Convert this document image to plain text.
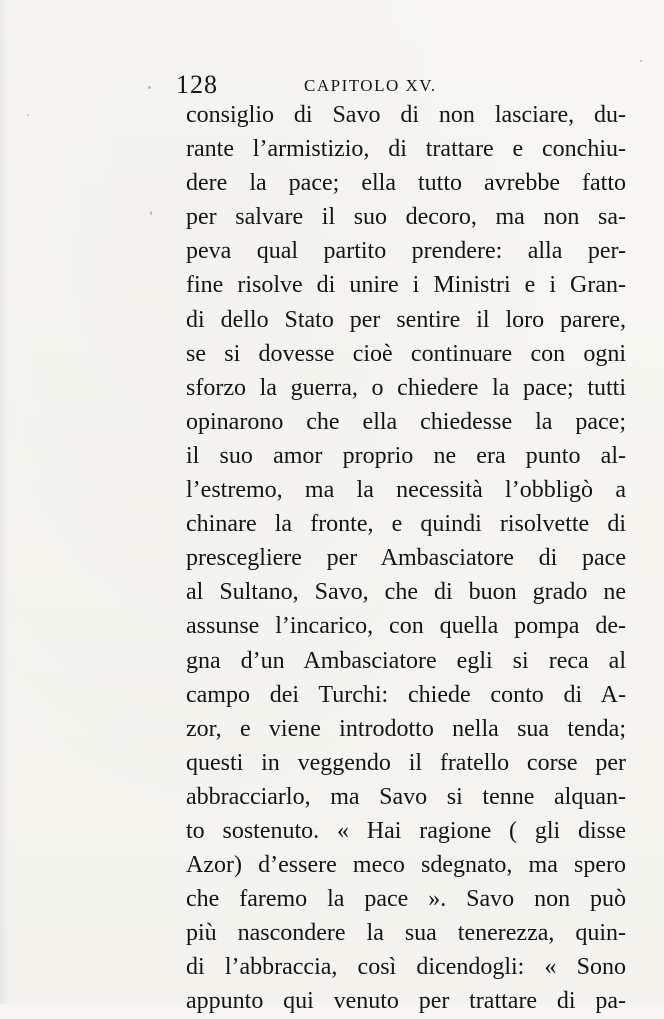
128	CAPITOLO XV.
consiglio di Savo di non lasciare, du-
rante l’armistizio, di trattare e conchiu-
dere la pace; ella tutto avrebbe fatto
per salvare il suo decoro, ma non sa-
peva qual partito prendere: alla per-
fine risolve di unire i Ministri e i Gran-
di dello Stato per sentire il loro parere,
se si dovesse cioè continuare con ogni
sforzo la guerra, o chiedere la pace; tutti
opinarono che ella chiedesse la pace;
il suo amor proprio ne era punto al-
l’estremo, ma la necessità l’obbligò a
chinare la fronte, e quindi risolvette di
prescegliere per Ambasciatore di pace
al Sultano, Savo, che di buon grado ne
assunse l’incarico, con quella pompa de-
gna d’un Ambasciatore egli si reca al
campo dei Turchi: chiede conto di A-
zor, e viene introdotto nella sua tenda;
questi in veggendo il fratello corse per
abbracciarlo, ma Savo si tenne alquan-
to sostenuto. « Hai ragione ( gli disse
Azor) d’essere meco sdegnato, ma spero
che faremo la pace ». Savo non può
più nascondere la sua tenerezza, quin-
di l’abbraccia, così dicendogli: « Sono
appunto qui venuto per trattare di pa-
